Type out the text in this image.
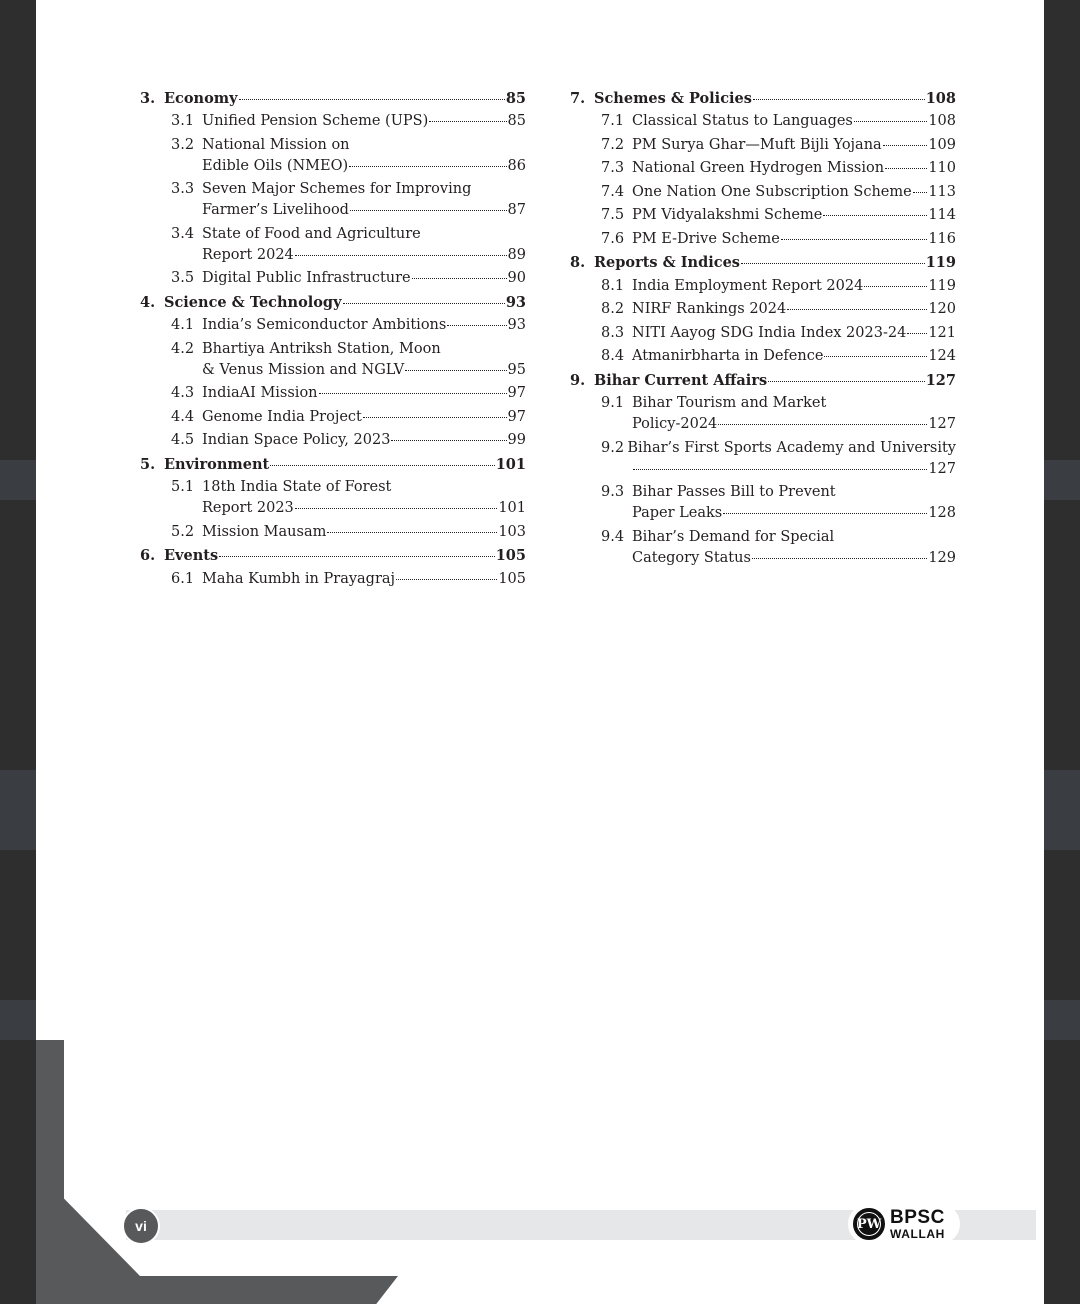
3. Economy	85
3.1 Unified Pension Scheme (UPS)	85
3.2 National Mission on
Edible Oils (NMEO)	86
3.3 Seven Major Schemes for Improving
Farmer’s Livelihood	87
3.4 State of Food and Agriculture
Report 2024	89
3.5 Digital Public Infrastructure	90
4. Science & Technology	93
4.1 India’s Semiconductor Ambitions	93
4.2 Bhartiya Antriksh Station, Moon
& Venus Mission and NGLV	95
4.3 IndiaAI Mission	97
4.4 Genome India Project	97
4.5 Indian Space Policy, 2023	99
5. Environment	101
5.1 18th India State of Forest
Report 2023	101
5.2 Mission Mausam	103
6. Events	105
6.1 Maha Kumbh in Prayagraj	105
7. Schemes & Policies	108
7.1 Classical Status to Languages	108
7.2 PM Surya Ghar—Muft Bijli Yojana	109
7.3 National Green Hydrogen Mission	110
7.4 One Nation One Subscription Scheme 113
7.5 PM Vidyalakshmi Scheme	114
7.6 PM E-Drive Scheme	116
8. Reports & Indices	119
8.1 India Employment Report 2024	119
8.2 NIRF Rankings 2024	120
8.3 NITI Aayog SDG India Index 2023-24 121
8.4 Atmanirbharta in Defence	124
9. Bihar Current Affairs	127
9.1 Bihar Tourism and Market
Policy-2024	127
9.2 Bihar’s First Sports Academy and University
127
9.3 Bihar Passes Bill to Prevent
Paper Leaks	128
9.4 Bihar’s Demand for Special
Category Status	129
vi	PW BPSC
WALLAH
